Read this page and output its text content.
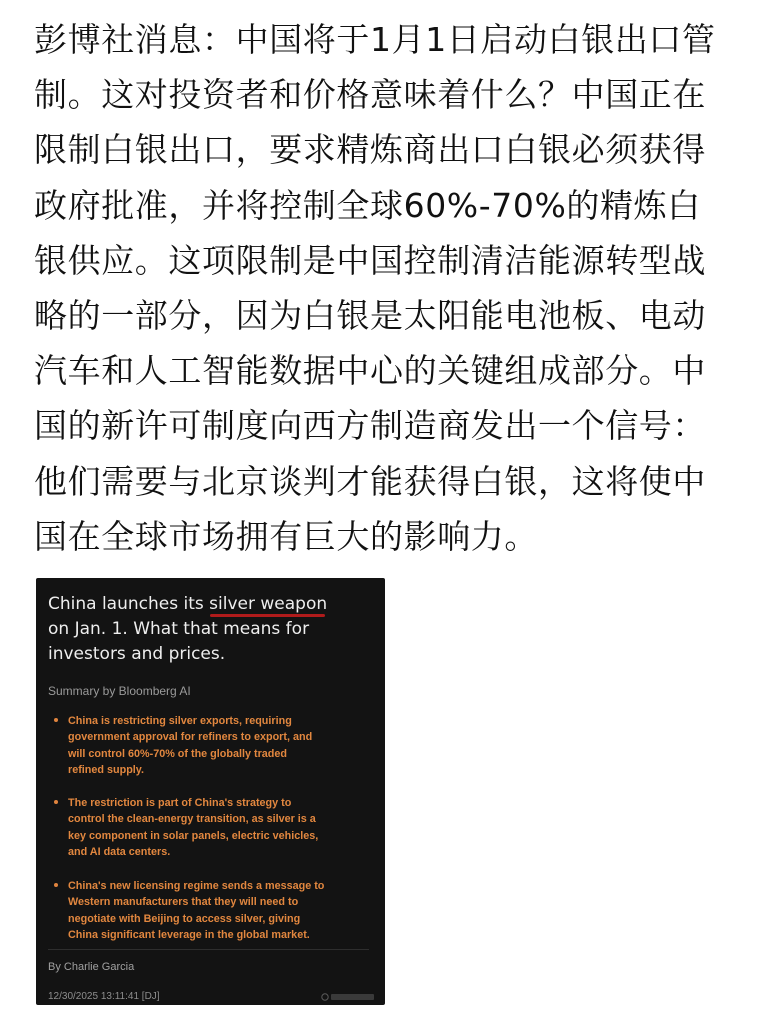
彭博社消息：中国将于1月1日启动白银出口管
制。这对投资者和价格意味着什么？中国正在
限制白银出口，要求精炼商出口白银必须获得
政府批准，并将控制全球60%-70%的精炼白
银供应。这项限制是中国控制清洁能源转型战
略的一部分，因为白银是太阳能电池板、电动
汽车和人工智能数据中心的关键组成部分。中
国的新许可制度向西方制造商发出一个信号：
他们需要与北京谈判才能获得白银，这将使中
国在全球市场拥有巨大的影响力。
China launches its silver weapon
on Jan. 1. What that means for
investors and prices.
Summary by Bloomberg AI
China is restricting silver exports, requiring
government approval for refiners to export, and
will control 60%-70% of the globally traded
refined supply.
The restriction is part of China's strategy to
control the clean-energy transition, as silver is a
key component in solar panels, electric vehicles,
and AI data centers.
China's new licensing regime sends a message to
Western manufacturers that they will need to
negotiate with Beijing to access silver, giving
China significant leverage in the global market.
By Charlie Garcia
12/30/2025 13:11:41 [DJ]
